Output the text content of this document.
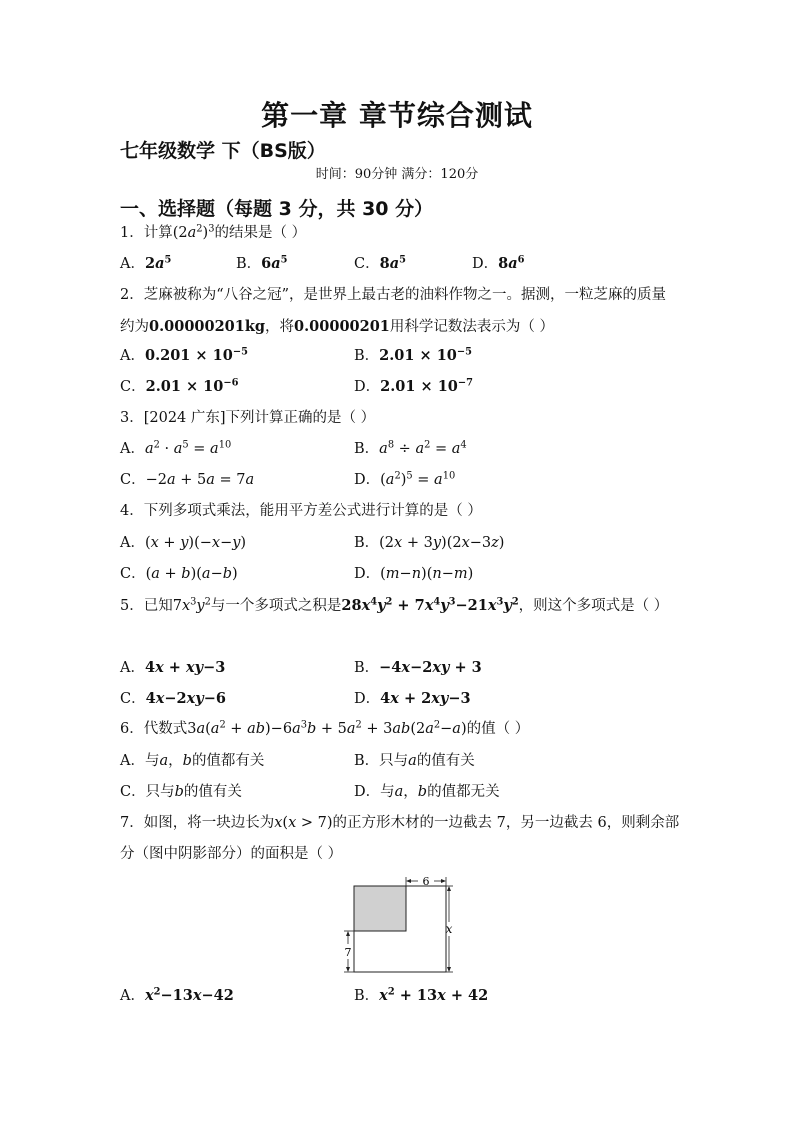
第一章 章节综合测试
七年级数学 下（BS版）
时间：90分钟 满分：120分
一、选择题（每题 3 分，共 30 分）
1．计算$(2a^2)^3$的结果是（ ）
A．$2a^5$	B．$6a^5$	C．$8a^5$	D．$8a^6$
2．芝麻被称为“八谷之冠”，是世界上最古老的油料作物之一。据测，一粒芝麻的质量约为0.00000201kg，将0.00000201用科学记数法表示为（ ）
A．$0.201 \times 10^{-5}$	B．$2.01 \times 10^{-5}$
C．$2.01 \times 10^{-6}$	D．$2.01 \times 10^{-7}$
3．[2024 广东]下列计算正确的是（ ）
A．$a^2 \cdot a^5 = a^{10}$	B．$a^8 \div a^2 = a^4$
C．−2a + 5a = 7a	D．$(a^2)^5 = a^{10}$
4．下列多项式乘法，能用平方差公式进行计算的是（ ）
A．(x + y)(−x−y)	B．(2x + 3y)(2x−3z)
C．(a + b)(a−b)	D．(m−n)(n−m)
5．已知$7x^3y^2$与一个多项式之积是$28x^4y^2 + 7x^4y^3-21x^3y^2$，则这个多项式是（ ）
A．4x + xy−3	B．−4x−2xy + 3
C．4x−2xy−6	D．4x + 2xy−3
6．代数式$3a(a^2 + ab)-6a^3b + 5a^2 + 3ab(2a^2-a)$的值（ ）
A．与a，b的值都有关	B．只与a的值有关
C．只与b的值有关	D．与a，b的值都无关
7．如图，将一块边长为x(x > 7)的正方形木材的一边截去 7，另一边截去 6，则剩余部分（图中阴影部分）的面积是（ ）
6
x
7
A．$x^2-13x-42$	B．$x^2 + 13x + 42$
